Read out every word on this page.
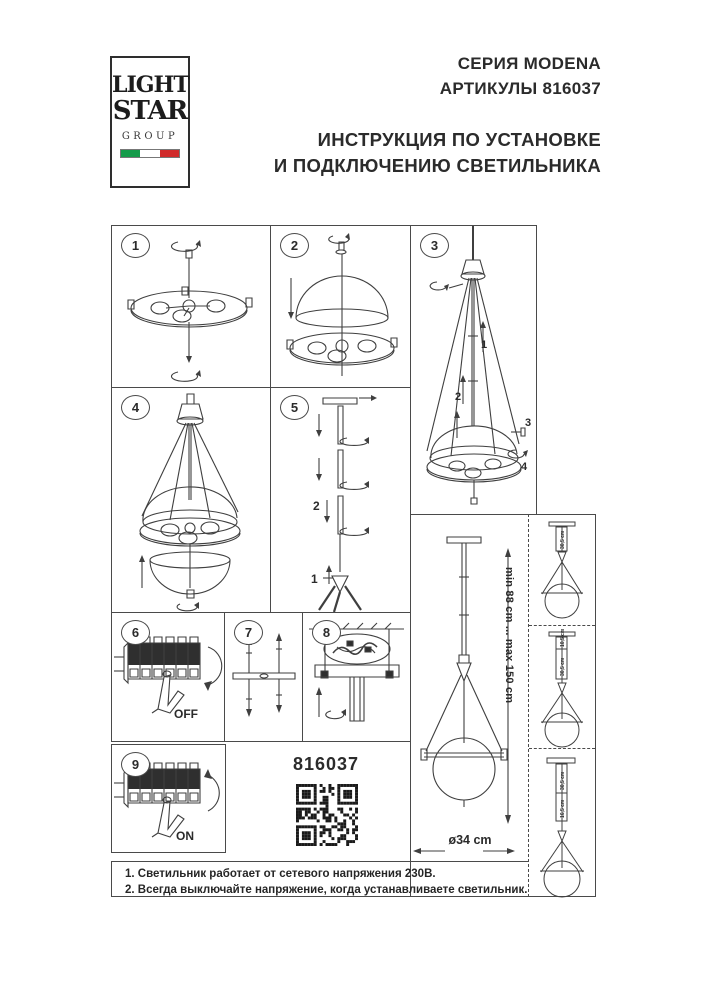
LIGHT
STAR
GROUP
СЕРИЯ MODENA
АРТИКУЛЫ 816037
ИНСТРУКЦИЯ ПО УСТАНОВКЕ
И ПОДКЛЮЧЕНИЮ СВЕТИЛЬНИКА
1	2	3
1
2
3
4
4	5
2
1
6
OFF
7	8
9
ON
min 88 cm ... max 150 cm
ø34 cm
30,5 cm
10,5 cm
30,5 cm
30,5 cm
16,5 cm
816037
1. Светильник работает от сетевого напряжения 230В.
2. Всегда выключайте напряжение, когда устанавливаете светильник.
